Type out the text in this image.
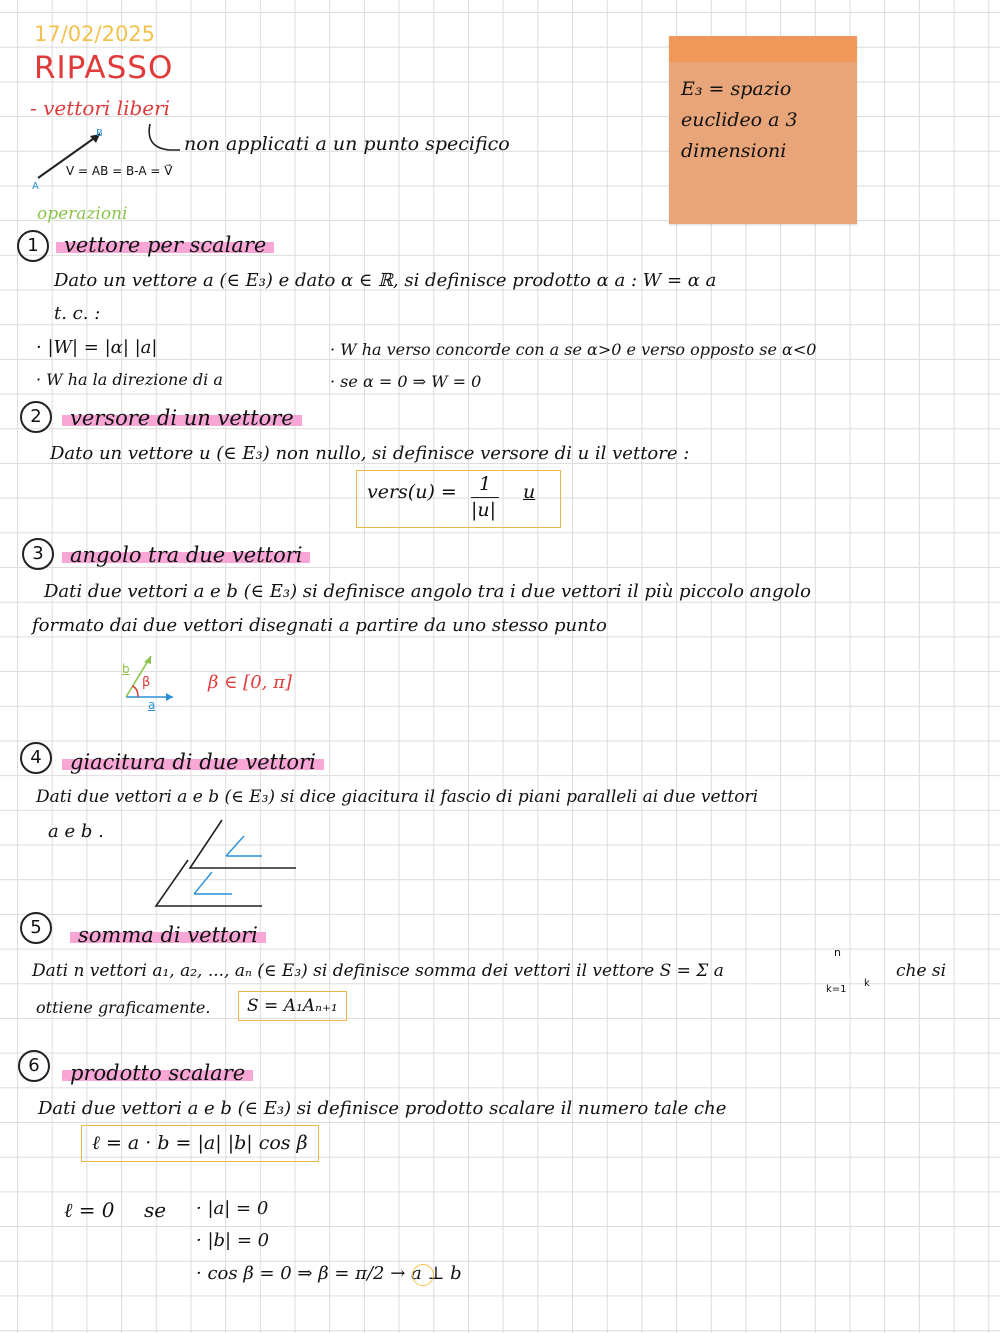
17/02/2025
RIPASSO
- vettori liberi
A
B	non applicati a un punto specifico
V = AB = B-A = V⃗
operazioni
E₃ = spazio
euclideo a 3
dimensioni
1	vettore per scalare
Dato un vettore a (∈ E₃) e dato α ∈ ℝ, si definisce prodotto α a : W = α a
t. c. :
· |W| = |α| |a|
· W ha la direzione di a
· W ha verso concorde con a se α>0 e verso opposto se α<0
· se α = 0 ⇒ W = 0
2	versore di un vettore
Dato un vettore u (∈ E₃) non nullo, si definisce versore di u il vettore :
vers(u) = 1
|u|
u
3	angolo tra due vettori
Dati due vettori a e b (∈ E₃) si definisce angolo tra i due vettori il più piccolo angolo
formato dai due vettori disegnati a partire da uno stesso punto
b
β
a
β ∈ [0, π]
4	giacitura di due vettori
Dati due vettori a e b (∈ E₃) si dice giacitura il fascio di piani paralleli ai due vettori
a e b .
5	somma di vettori
Dati n vettori a₁, a₂, ..., aₙ (∈ E₃) si definisce somma dei vettori il vettore S = Σ a
n
k=1
k
che si
ottiene graficamente.	S = A₁Aₙ₊₁
6	prodotto scalare
Dati due vettori a e b (∈ E₃) si definisce prodotto scalare il numero tale che
ℓ = a · b = |a| |b| cos β
ℓ = 0 se · |a| = 0
· |b| = 0
· cos β = 0 ⇒ β = π/2 → a ⊥ b
